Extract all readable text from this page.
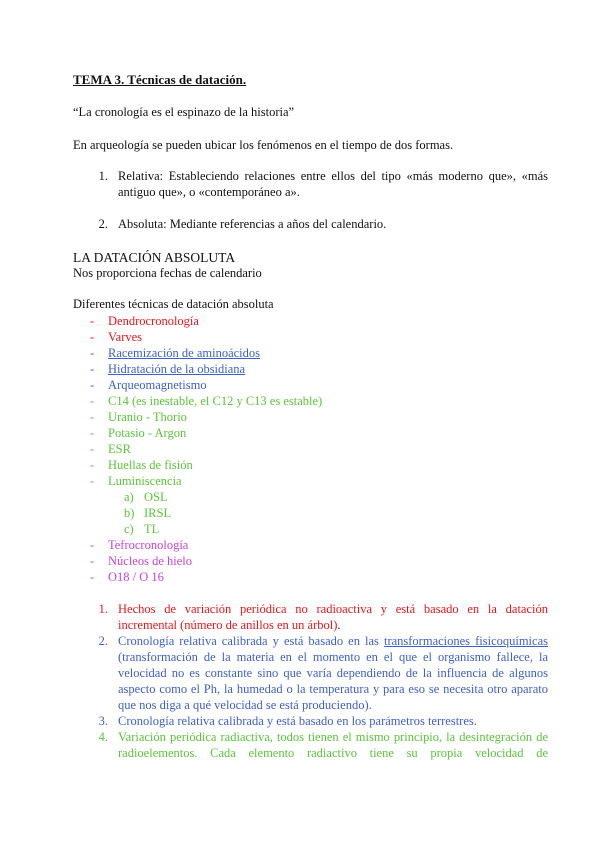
TEMA 3. Técnicas de datación.
“La cronología es el espinazo de la historia”
En arqueología se pueden ubicar los fenómenos en el tiempo de dos formas.
1. Relativa: Estableciendo relaciones entre ellos del tipo «más moderno que», «más antiguo que», o «contemporáneo a».
2. Absoluta: Mediante referencias a años del calendario.
LA DATACIÓN ABSOLUTA
Nos proporciona fechas de calendario
Diferentes técnicas de datación absoluta
- Dendrocronología
- Varves
- Racemización de aminoácidos
- Hidratación de la obsidiana
- Arqueomagnetismo
- C14 (es inestable, el C12 y C13 es estable)
- Uranio - Thorio
- Potasio - Argon
- ESR
- Huellas de fisión
- Luminiscencia
a) OSL
b) IRSL
c) TL
- Tefrocronología
- Núcleos de hielo
- O18 / O 16
1. Hechos de variación periódica no radioactiva y está basado en la datación incremental (número de anillos en un árbol).
2. Cronología relativa calibrada y está basado en las transformaciones fisicoquímicas (transformación de la materia en el momento en el que el organismo fallece, la velocidad no es constante sino que varía dependiendo de la influencia de algunos aspecto como el Ph, la humedad o la temperatura y para eso se necesita otro aparato que nos diga a qué velocidad se está produciendo).
3. Cronología relativa calibrada y está basado en los parámetros terrestres.
4. Variación periódica radiactiva, todos tienen el mismo principio, la desintegración de radioelementos. Cada elemento radiactivo tiene su propia velocidad de
